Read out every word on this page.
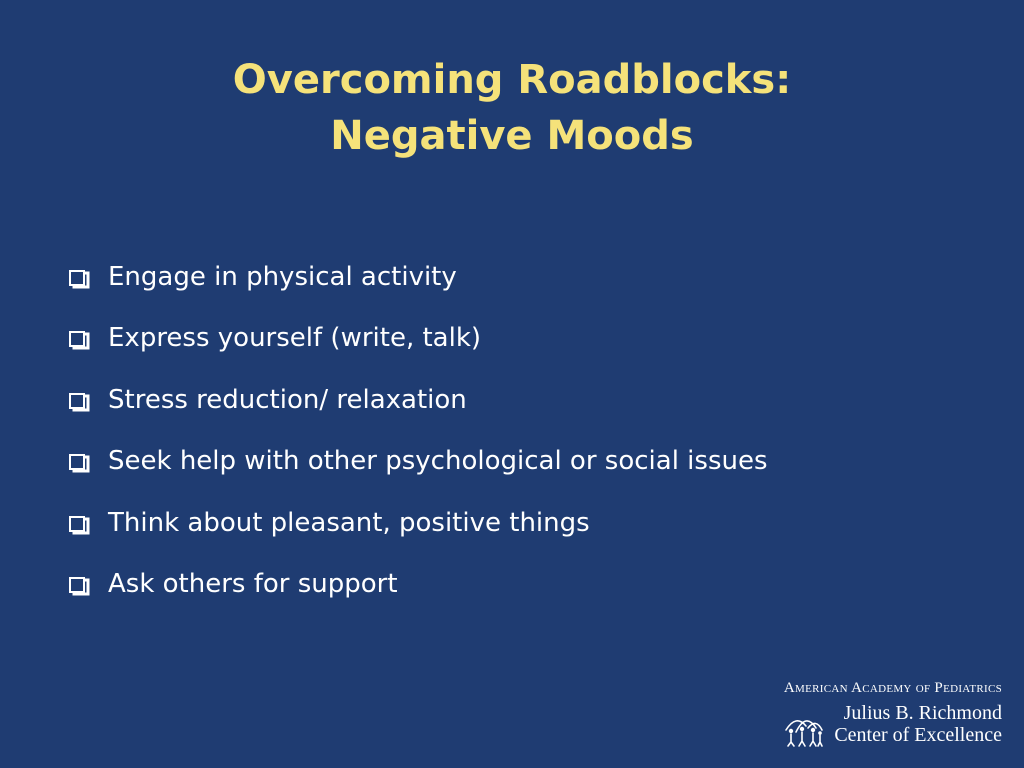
Overcoming Roadblocks:
Negative Moods
Engage in physical activity
Express yourself (write, talk)
Stress reduction/ relaxation
Seek help with other psychological or social issues
Think about pleasant, positive things
Ask others for support
American Academy of Pediatrics
Julius B. Richmond
Center of Excellence
